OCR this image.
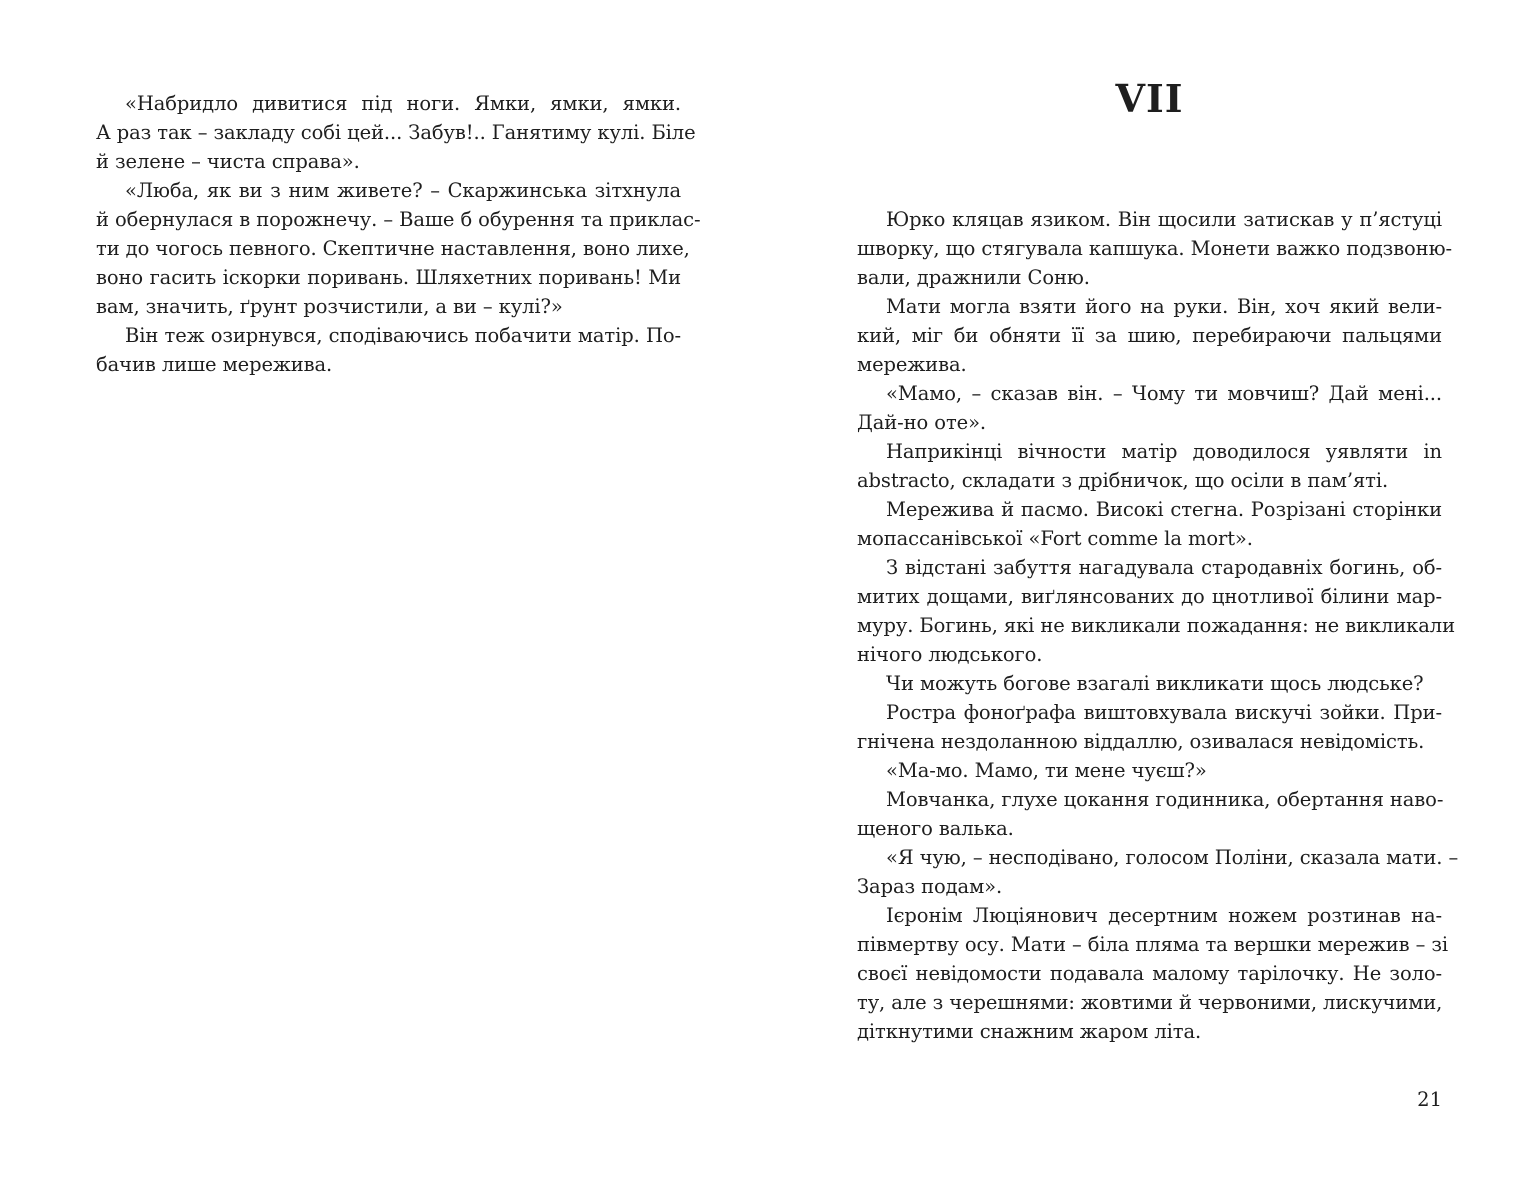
«Набридло дивитися під ноги. Ямки, ямки, ямки.
А раз так – закладу собі цей... Забув!.. Ганятиму кулі. Біле
й зелене – чиста справа».
«Люба, як ви з ним живете? – Скаржинська зітхнула
й обернулася в порожнечу. – Ваше б обурення та приклас-
ти до чогось певного. Скептичне наставлення, воно лихе,
воно гасить іскорки поривань. Шляхетних поривань! Ми
вам, значить, ґрунт розчистили, а ви – кулі?»
Він теж озирнувся, сподіваючись побачити матір. По-
бачив лише мережива.
VII
Юрко кляцав язиком. Він щосили затискав у п’ястуці
шворку, що стягувала капшука. Монети важко подзвоню-
вали, дражнили Соню.
Мати могла взяти його на руки. Він, хоч який вели-
кий, міг би обняти її за шию, перебираючи пальцями
мережива.
«Мамо, – сказав він. – Чому ти мовчиш? Дай мені...
Дай-но оте».
Наприкінці вічности матір доводилося уявляти in
abstracto, складати з дрібничок, що осіли в пам’яті.
Мережива й пасмо. Високі стегна. Розрізані сторінки
мопассанівської «Fort comme la mort».
З відстані забуття нагадувала стародавніх богинь, об-
митих дощами, виґлянсованих до цнотливої білини мар-
муру. Богинь, які не викликали пожадання: не викликали
нічого людського.
Чи можуть богове взагалі викликати щось людське?
Ростра фоноґрафа виштовхувала вискучі зойки. При-
гнічена нездоланною віддаллю, озивалася невідомість.
«Ма-мо. Мамо, ти мене чуєш?»
Мовчанка, глухе цокання годинника, обертання наво-
щеного валька.
«Я чую, – несподівано, голосом Поліни, сказала мати. –
Зараз подам».
Ієронім Люціянович десертним ножем розтинав на-
півмертву осу. Мати – біла пляма та вершки мережив – зі
своєї невідомости подавала малому тарілочку. Не золо-
ту, але з черешнями: жовтими й червоними, лискучими,
діткнутими снажним жаром літа.
21
